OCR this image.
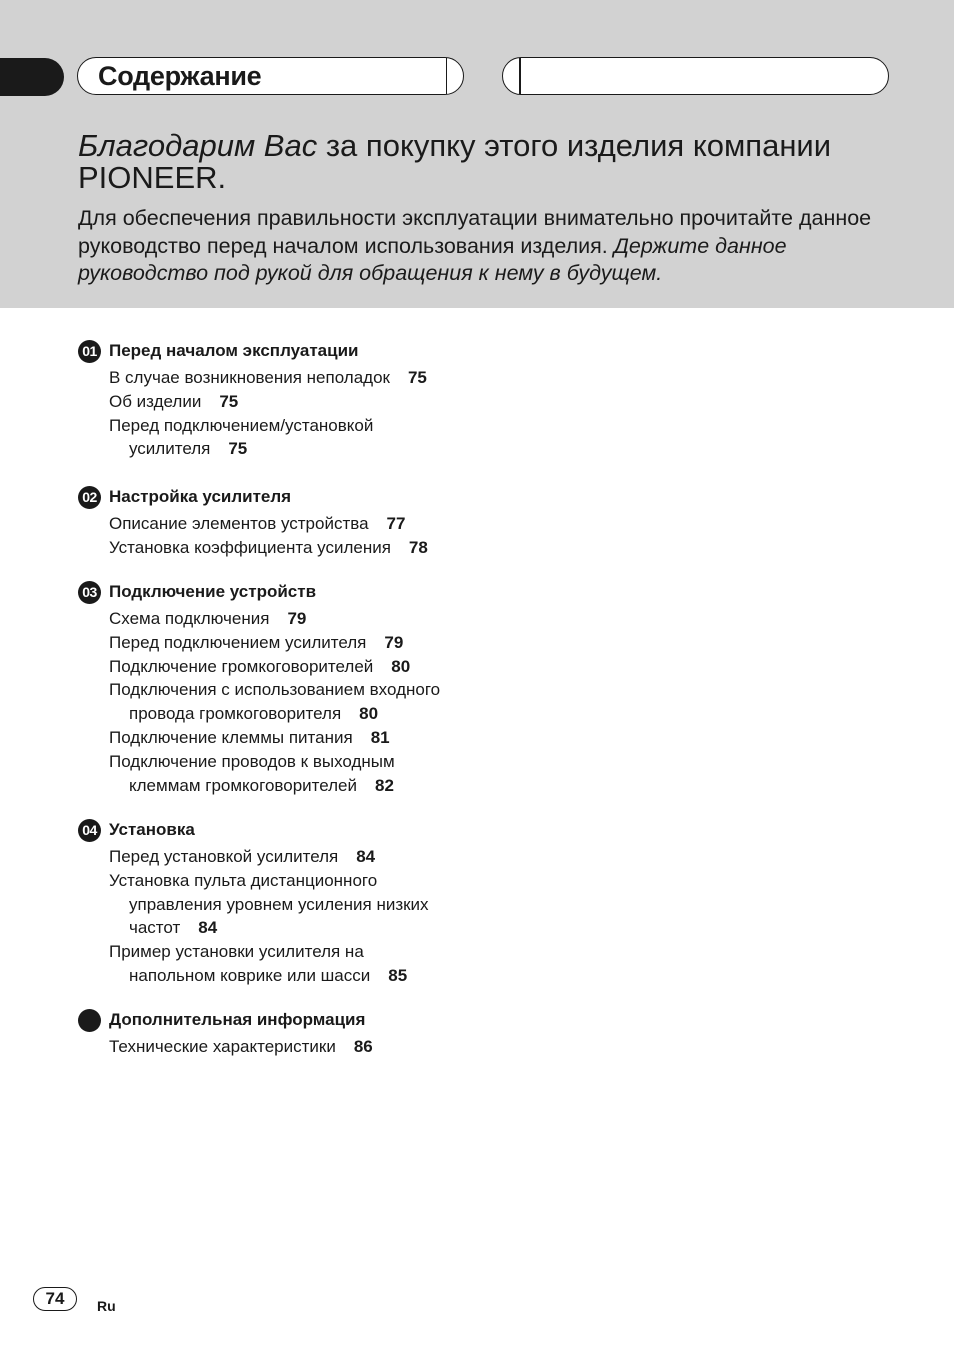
Содержание
Благодарим Вас за покупку этого изделия компании PIONEER.

Для обеспечения правильности эксплуатации внимательно прочитайте данное руководство перед началом использования изделия. Держите данное руководство под рукой для обращения к нему в будущем.

01 Перед началом эксплуатации
В случае возникновения неполадок 75
Об изделии 75
Перед подключением/установкой
усилителя 75
02 Настройка усилителя
Описание элементов устройства 77
Установка коэффициента усиления 78
03 Подключение устройств
Схема подключения 79
Перед подключением усилителя 79
Подключение громкоговорителей 80
Подключения с использованием входного
провода громкоговорителя 80
Подключение клеммы питания 81
Подключение проводов к выходным
клеммам громкоговорителей 82
04 Установка
Перед установкой усилителя 84
Установка пульта дистанционного
управления уровнем усиления низких
частот 84
Пример установки усилителя на
напольном коврике или шасси 85
Дополнительная информация
Технические характеристики 86
74	Ru
